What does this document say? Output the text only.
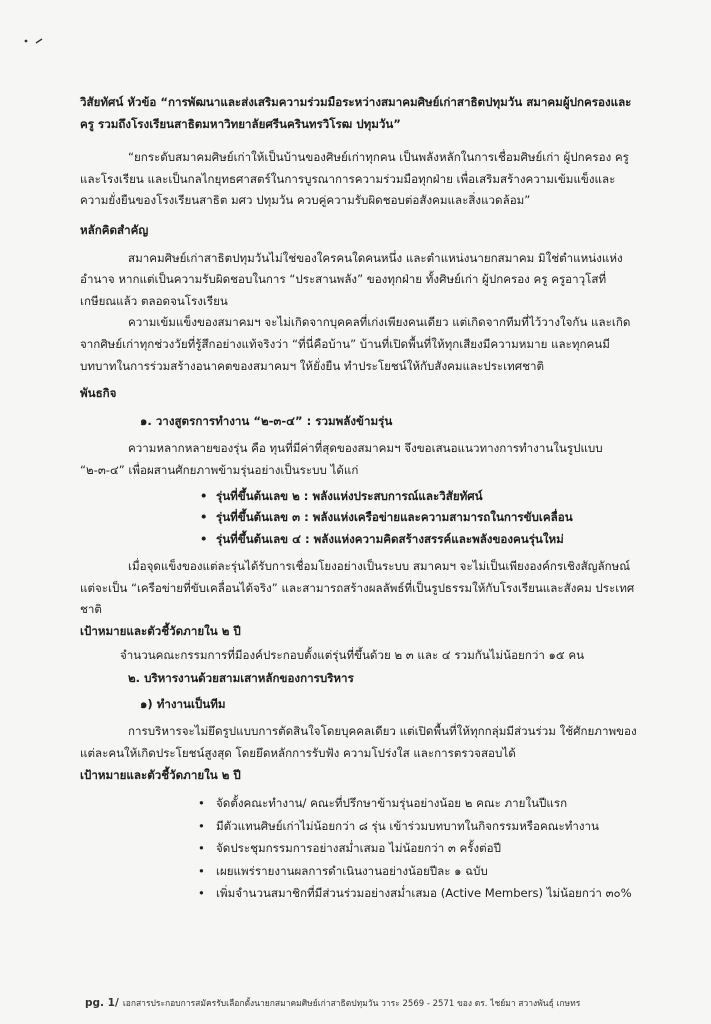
วิสัยทัศน์ หัวข้อ “การพัฒนาและส่งเสริมความร่วมมือระหว่างสมาคมศิษย์เก่าสาธิตปทุมวัน สมาคมผู้ปกครองและครู รวมถึงโรงเรียนสาธิตมหาวิทยาลัยศรีนครินทรวิโรฒ ปทุมวัน”

“ยกระดับสมาคมศิษย์เก่าให้เป็นบ้านของศิษย์เก่าทุกคน เป็นพลังหลักในการเชื่อมศิษย์เก่า ผู้ปกครอง ครู และโรงเรียน และเป็นกลไกยุทธศาสตร์ในการบูรณาการความร่วมมือทุกฝ่าย เพื่อเสริมสร้างความเข้มแข็งและความยั่งยืนของโรงเรียนสาธิต มศว ปทุมวัน ควบคู่ความรับผิดชอบต่อสังคมและสิ่งแวดล้อม”

หลักคิดสำคัญ

สมาคมศิษย์เก่าสาธิตปทุมวันไม่ใช่ของใครคนใดคนหนึ่ง และตำแหน่งนายกสมาคม มิใช่ตำแหน่งแห่งอำนาจ หากแต่เป็นความรับผิดชอบในการ “ประสานพลัง” ของทุกฝ่าย ทั้งศิษย์เก่า ผู้ปกครอง ครู ครูอาวุโสที่เกษียณแล้ว ตลอดจนโรงเรียน

ความเข้มแข็งของสมาคมฯ จะไม่เกิดจากบุคคลที่เก่งเพียงคนเดียว แต่เกิดจากทีมที่ไว้วางใจกัน และเกิดจากศิษย์เก่าทุกช่วงวัยที่รู้สึกอย่างแท้จริงว่า “ที่นี่คือบ้าน” บ้านที่เปิดพื้นที่ให้ทุกเสียงมีความหมาย และทุกคนมีบทบาทในการร่วมสร้างอนาคตของสมาคมฯ ให้ยั่งยืน ทำประโยชน์ให้กับสังคมและประเทศชาติ

พันธกิจ

๑. วางสูตรการทำงาน “๒-๓-๔” : รวมพลังข้ามรุ่น

ความหลากหลายของรุ่น คือ ทุนที่มีค่าที่สุดของสมาคมฯ จึงขอเสนอแนวทางการทำงานในรูปแบบ “๒-๓-๔” เพื่อผสานศักยภาพข้ามรุ่นอย่างเป็นระบบ ได้แก่

• รุ่นที่ขึ้นต้นเลข ๒ : พลังแห่งประสบการณ์และวิสัยทัศน์
• รุ่นที่ขึ้นต้นเลข ๓ : พลังแห่งเครือข่ายและความสามารถในการขับเคลื่อน
• รุ่นที่ขึ้นต้นเลข ๔ : พลังแห่งความคิดสร้างสรรค์และพลังของคนรุ่นใหม่

เมื่อจุดแข็งของแต่ละรุ่นได้รับการเชื่อมโยงอย่างเป็นระบบ สมาคมฯ จะไม่เป็นเพียงองค์กรเชิงสัญลักษณ์ แต่จะเป็น “เครือข่ายที่ขับเคลื่อนได้จริง” และสามารถสร้างผลลัพธ์ที่เป็นรูปธรรมให้กับโรงเรียนและสังคม ประเทศชาติ

เป้าหมายและตัวชี้วัดภายใน ๒ ปี

จำนวนคณะกรรมการที่มีองค์ประกอบตั้งแต่รุ่นที่ขึ้นด้วย ๒ ๓ และ ๔ รวมกันไม่น้อยกว่า ๑๕ คน

๒. บริหารงานด้วยสามเสาหลักของการบริหาร

๑) ทำงานเป็นทีม

การบริหารจะไม่ยึดรูปแบบการตัดสินใจโดยบุคคลเดียว แต่เปิดพื้นที่ให้ทุกกลุ่มมีส่วนร่วม ใช้ศักยภาพของแต่ละคนให้เกิดประโยชน์สูงสุด โดยยึดหลักการรับฟัง ความโปร่งใส และการตรวจสอบได้

เป้าหมายและตัวชี้วัดภายใน ๒ ปี

• จัดตั้งคณะทำงาน/ คณะที่ปรึกษาข้ามรุ่นอย่างน้อย ๒ คณะ ภายในปีแรก
• มีตัวแทนศิษย์เก่าไม่น้อยกว่า ๘ รุ่น เข้าร่วมบทบาทในกิจกรรมหรือคณะทำงาน
• จัดประชุมกรรมการอย่างสม่ำเสมอ ไม่น้อยกว่า ๓ ครั้งต่อปี
• เผยแพร่รายงานผลการดำเนินงานอย่างน้อยปีละ ๑ ฉบับ
• เพิ่มจำนวนสมาชิกที่มีส่วนร่วมอย่างสม่ำเสมอ (Active Members) ไม่น้อยกว่า ๓๐%
pg. 1/ เอกสารประกอบการสมัครรับเลือกตั้งนายกสมาคมศิษย์เก่าสาธิตปทุมวัน วาระ 2569 - 2571 ของ ดร. ไชย์มา สวางพันธุ์ เกษทร
